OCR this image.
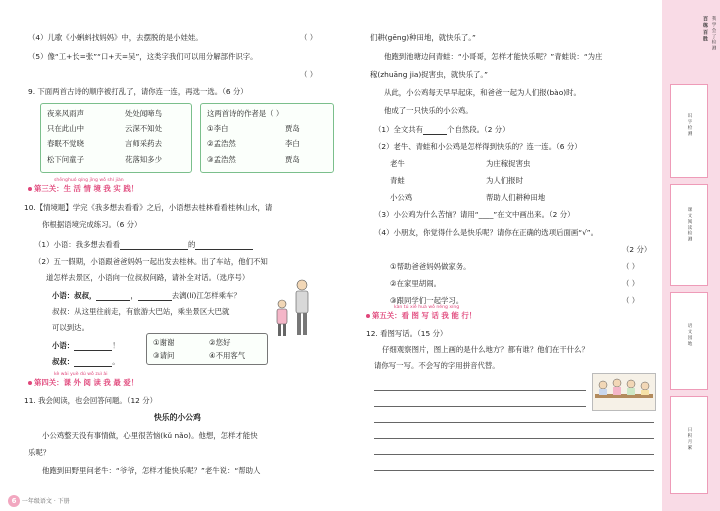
（4）儿歌《小蝌蚪找妈妈》中，去摆脱的是小娃娃。	（ ）
（5）像“工+长=张”“口+天=吴”，这类字我们可以用分解部件识字。
（ ）
9. 下面两首古诗的顺序被打乱了，请你连一连，再选一选。（6 分）
夜来风雨声	处处闻啼鸟
只在此山中	云深不知处
春眠不觉晓	言师采药去
松下问童子	花落知多少
这两首诗的作者是（ ）
①李白	贾岛
②孟浩然	李白
③孟浩然	贾岛
shēnghuó qíng jǐng wǒ shí jiàn
第三关：生 活 情 境 我 实 践！
10.【情境题】学完《我多想去看看》之后，小语想去桂林看看桂林山水，请
你根据语境完成练习。（6 分）
（1）小语：我多想去看看	的
（2）五一假期，小语跟爸爸妈妈一起出发去桂林。出了车站，他们不知
道怎样去景区，小语向一位叔叔问路，请补全对话。（选序号）
小语：叔叔，	，	去漓(lí)江怎样乘车？
叔叔：从这里往前走，有旅游大巴站，乘坐景区大巴就
可以到达。
小语：	！
叔叔：	。
①谢谢	②您好
③请问	④不用客气
kè wài yuè dú wǒ zuì ài
第四关：课 外 阅 读 我 最 爱！
11. 我会阅读，也会回答问题。（12 分）
快乐的小公鸡
小公鸡整天没有事情做，心里很苦恼(kǔ nǎo)。他想，怎样才能快
乐呢？
他跑到田野里问老牛：“爷爷，怎样才能快乐呢？”老牛说：“帮助人
6 一年级语文 · 下册
们耕(gēng)种田地，就快乐了。”
他跑到池塘边问青蛙：“小哥哥，怎样才能快乐呢？”青蛙说：“为庄
稼(zhuāng jia)捉害虫，就快乐了。”
从此，小公鸡每天早早起床，和爸爸一起为人们报(bào)时。
他成了一只快乐的小公鸡。
（1）全文共有	个自然段。（2 分）
（2）老牛、青蛙和小公鸡是怎样得到快乐的？连一连。（6 分）
老牛	为庄稼捉害虫
青蛙	为人们报时
小公鸡	帮助人们耕种田地
（3）小公鸡为什么苦恼？请用“____”在文中画出来。（2 分）
（4）小朋友，你觉得什么是快乐呢？请你在正确的选项后面画“√”。
（2 分）
①帮助爸爸妈妈做家务。	（ ）
②在家里胡闹。	（ ）
③跟同学们一起学习。	（ ）
kàn tú xiě huà wǒ néng xíng
第五关：看 图 写 话 我 能 行！
12. 看图写话。（15 分）
仔细观察图片，图上画的是什么地方？都有谁？他们在干什么？
请你写一写。不会写的字用拼音代替。
百 练 百 胜 我 学 会 了 检 测
识 字 检 测
课 文 阅 读 检 测
语 文 园 地
日 积 月 累
